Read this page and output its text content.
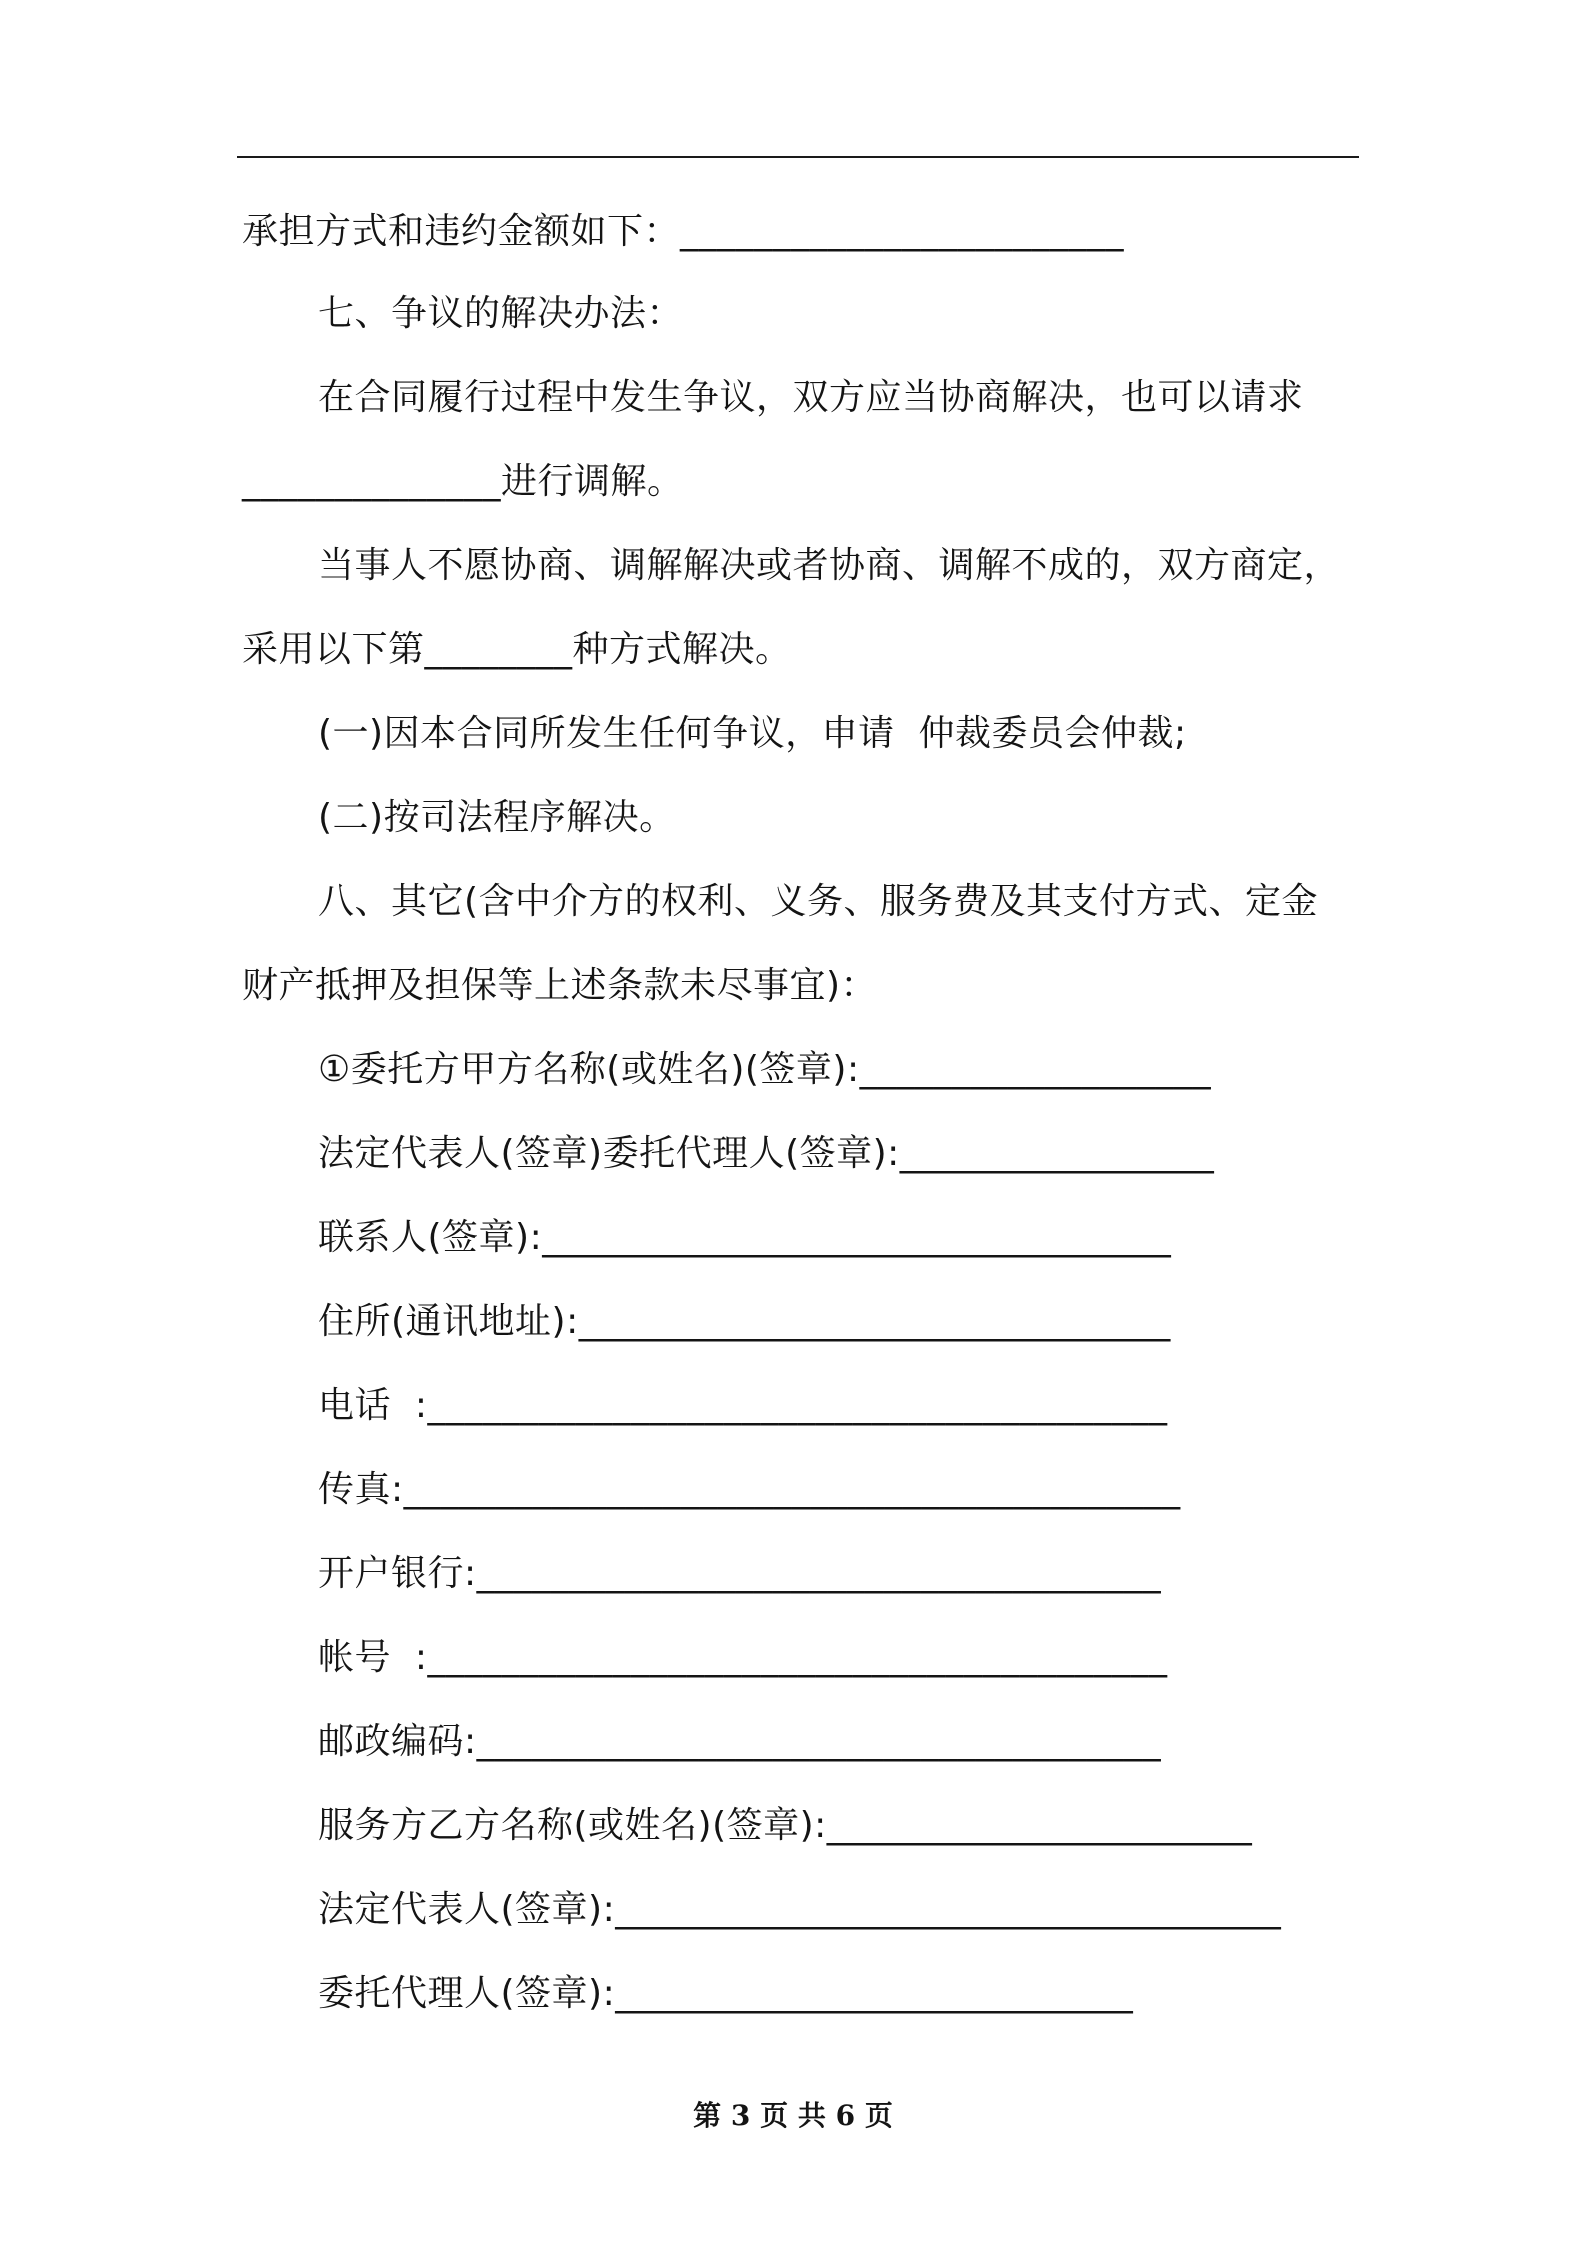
承担方式和违约金额如下：________________________
七、争议的解决办法：
在合同履行过程中发生争议，双方应当协商解决，也可以请求
______________进行调解。
当事人不愿协商、调解解决或者协商、调解不成的，双方商定，
采用以下第________种方式解决。
(一)因本合同所发生任何争议，申请  仲裁委员会仲裁;
(二)按司法程序解决。
八、其它(含中介方的权利、义务、服务费及其支付方式、定金
财产抵押及担保等上述条款未尽事宜)：
①委托方甲方名称(或姓名)(签章):___________________
法定代表人(签章)委托代理人(签章):_________________
联系人(签章):__________________________________
住所(通讯地址):________________________________
电话  :________________________________________
传真:__________________________________________
开户银行:_____________________________________
帐号  :________________________________________
邮政编码:_____________________________________
服务方乙方名称(或姓名)(签章):_______________________
法定代表人(签章):____________________________________
委托代理人(签章):____________________________
第 3 页 共 6 页
